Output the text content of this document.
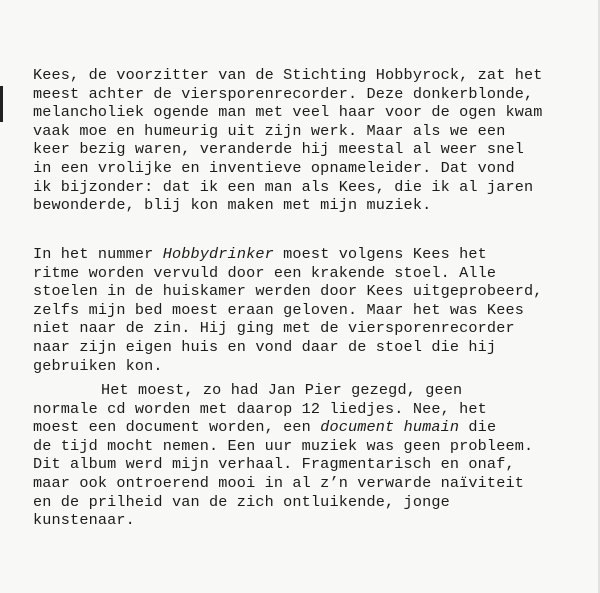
Kees, de voorzitter van de Stichting Hobbyrock, zat het
meest achter de viersporenrecorder. Deze donkerblonde,
melancholiek ogende man met veel haar voor de ogen kwam
vaak moe en humeurig uit zijn werk. Maar als we een
keer bezig waren, veranderde hij meestal al weer snel
in een vrolijke en inventieve opnameleider. Dat vond
ik bijzonder: dat ik een man als Kees, die ik al jaren
bewonderde, blij kon maken met mijn muziek.
In het nummer Hobbydrinker moest volgens Kees het
ritme worden vervuld door een krakende stoel. Alle
stoelen in de huiskamer werden door Kees uitgeprobeerd,
zelfs mijn bed moest eraan geloven. Maar het was Kees
niet naar de zin. Hij ging met de viersporenrecorder
naar zijn eigen huis en vond daar de stoel die hij
gebruiken kon.
Het moest, zo had Jan Pier gezegd, geen
normale cd worden met daarop 12 liedjes. Nee, het
moest een document worden, een document humain die
de tijd mocht nemen. Een uur muziek was geen probleem.
Dit album werd mijn verhaal. Fragmentarisch en onaf,
maar ook ontroerend mooi in al z’n verwarde naïviteit
en de prilheid van de zich ontluikende, jonge
kunstenaar.
